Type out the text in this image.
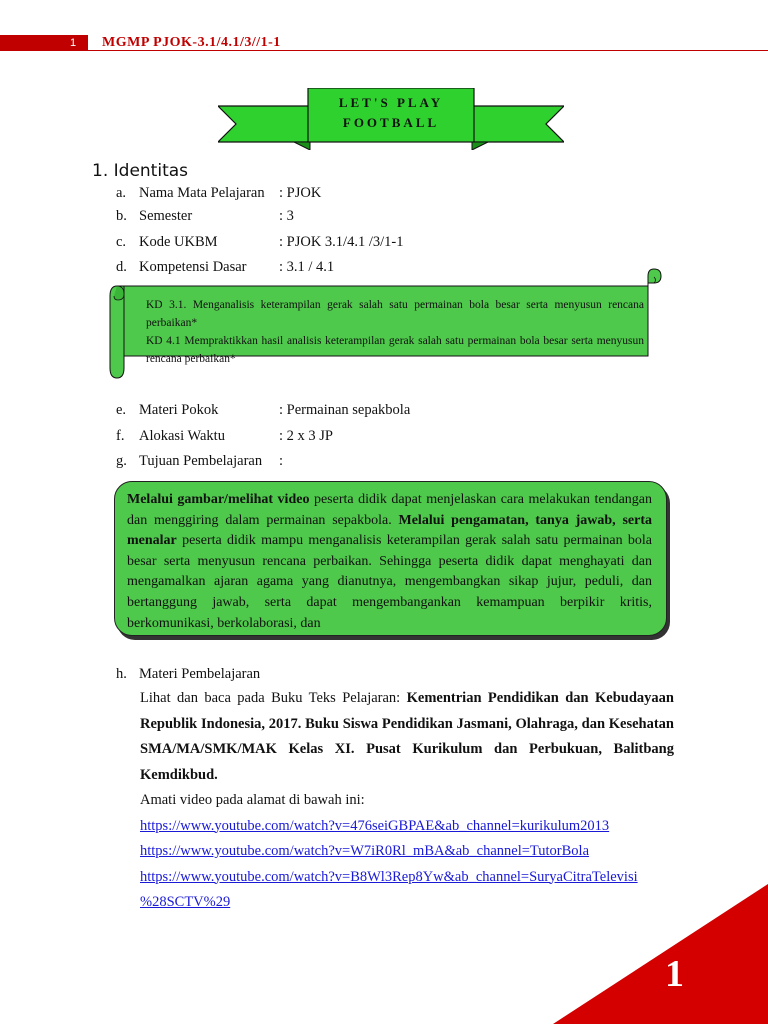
1 MGMP PJOK-3.1/4.1/3//1-1
LET'S PLAY
FOOTBALL
1. Identitas
a. Nama Mata Pelajaran : PJOK
b. Semester	: 3
c. Kode UKBM	: PJOK 3.1/4.1 /3/1-1
d. Kompetensi Dasar : 3.1 / 4.1

KD 3.1. Menganalisis keterampilan gerak salah satu permainan bola besar serta menyusun rencana perbaikan*

KD 4.1 Mempraktikkan hasil analisis keterampilan gerak salah satu permainan bola besar serta menyusun rencana perbaikan*

e. Materi Pokok	: Permainan sepakbola
f. Alokasi Waktu	: 2 x 3 JP
g. Tujuan Pembelajaran :
Melalui gambar/melihat video peserta didik dapat menjelaskan cara melakukan tendangan dan menggiring dalam permainan sepakbola. Melalui pengamatan, tanya jawab, serta menalar peserta didik mampu menganalisis keterampilan gerak salah satu permainan bola besar serta menyusun rencana perbaikan. Sehingga peserta didik dapat menghayati dan mengamalkan ajaran agama yang dianutnya, mengembangkan sikap jujur, peduli, dan bertanggung jawab, serta dapat mengembangankan kemampuan berpikir kritis, berkomunikasi, berkolaborasi, dan
h. Materi Pembelajaran
Lihat dan baca pada Buku Teks Pelajaran: Kementrian Pendidikan dan Kebudayaan Republik Indonesia, 2017. Buku Siswa Pendidikan Jasmani, Olahraga, dan Kesehatan SMA/MA/SMK/MAK Kelas XI. Pusat Kurikulum dan Perbukuan, Balitbang Kemdikbud.
Amati video pada alamat di bawah ini:
https://www.youtube.com/watch?v=476seiGBPAE&ab_channel=kurikulum2013
https://www.youtube.com/watch?v=W7iR0Rl_mBA&ab_channel=TutorBola
https://www.youtube.com/watch?v=B8Wl3Rep8Yw&ab_channel=SuryaCitraTelevisi
%28SCTV%29
1
